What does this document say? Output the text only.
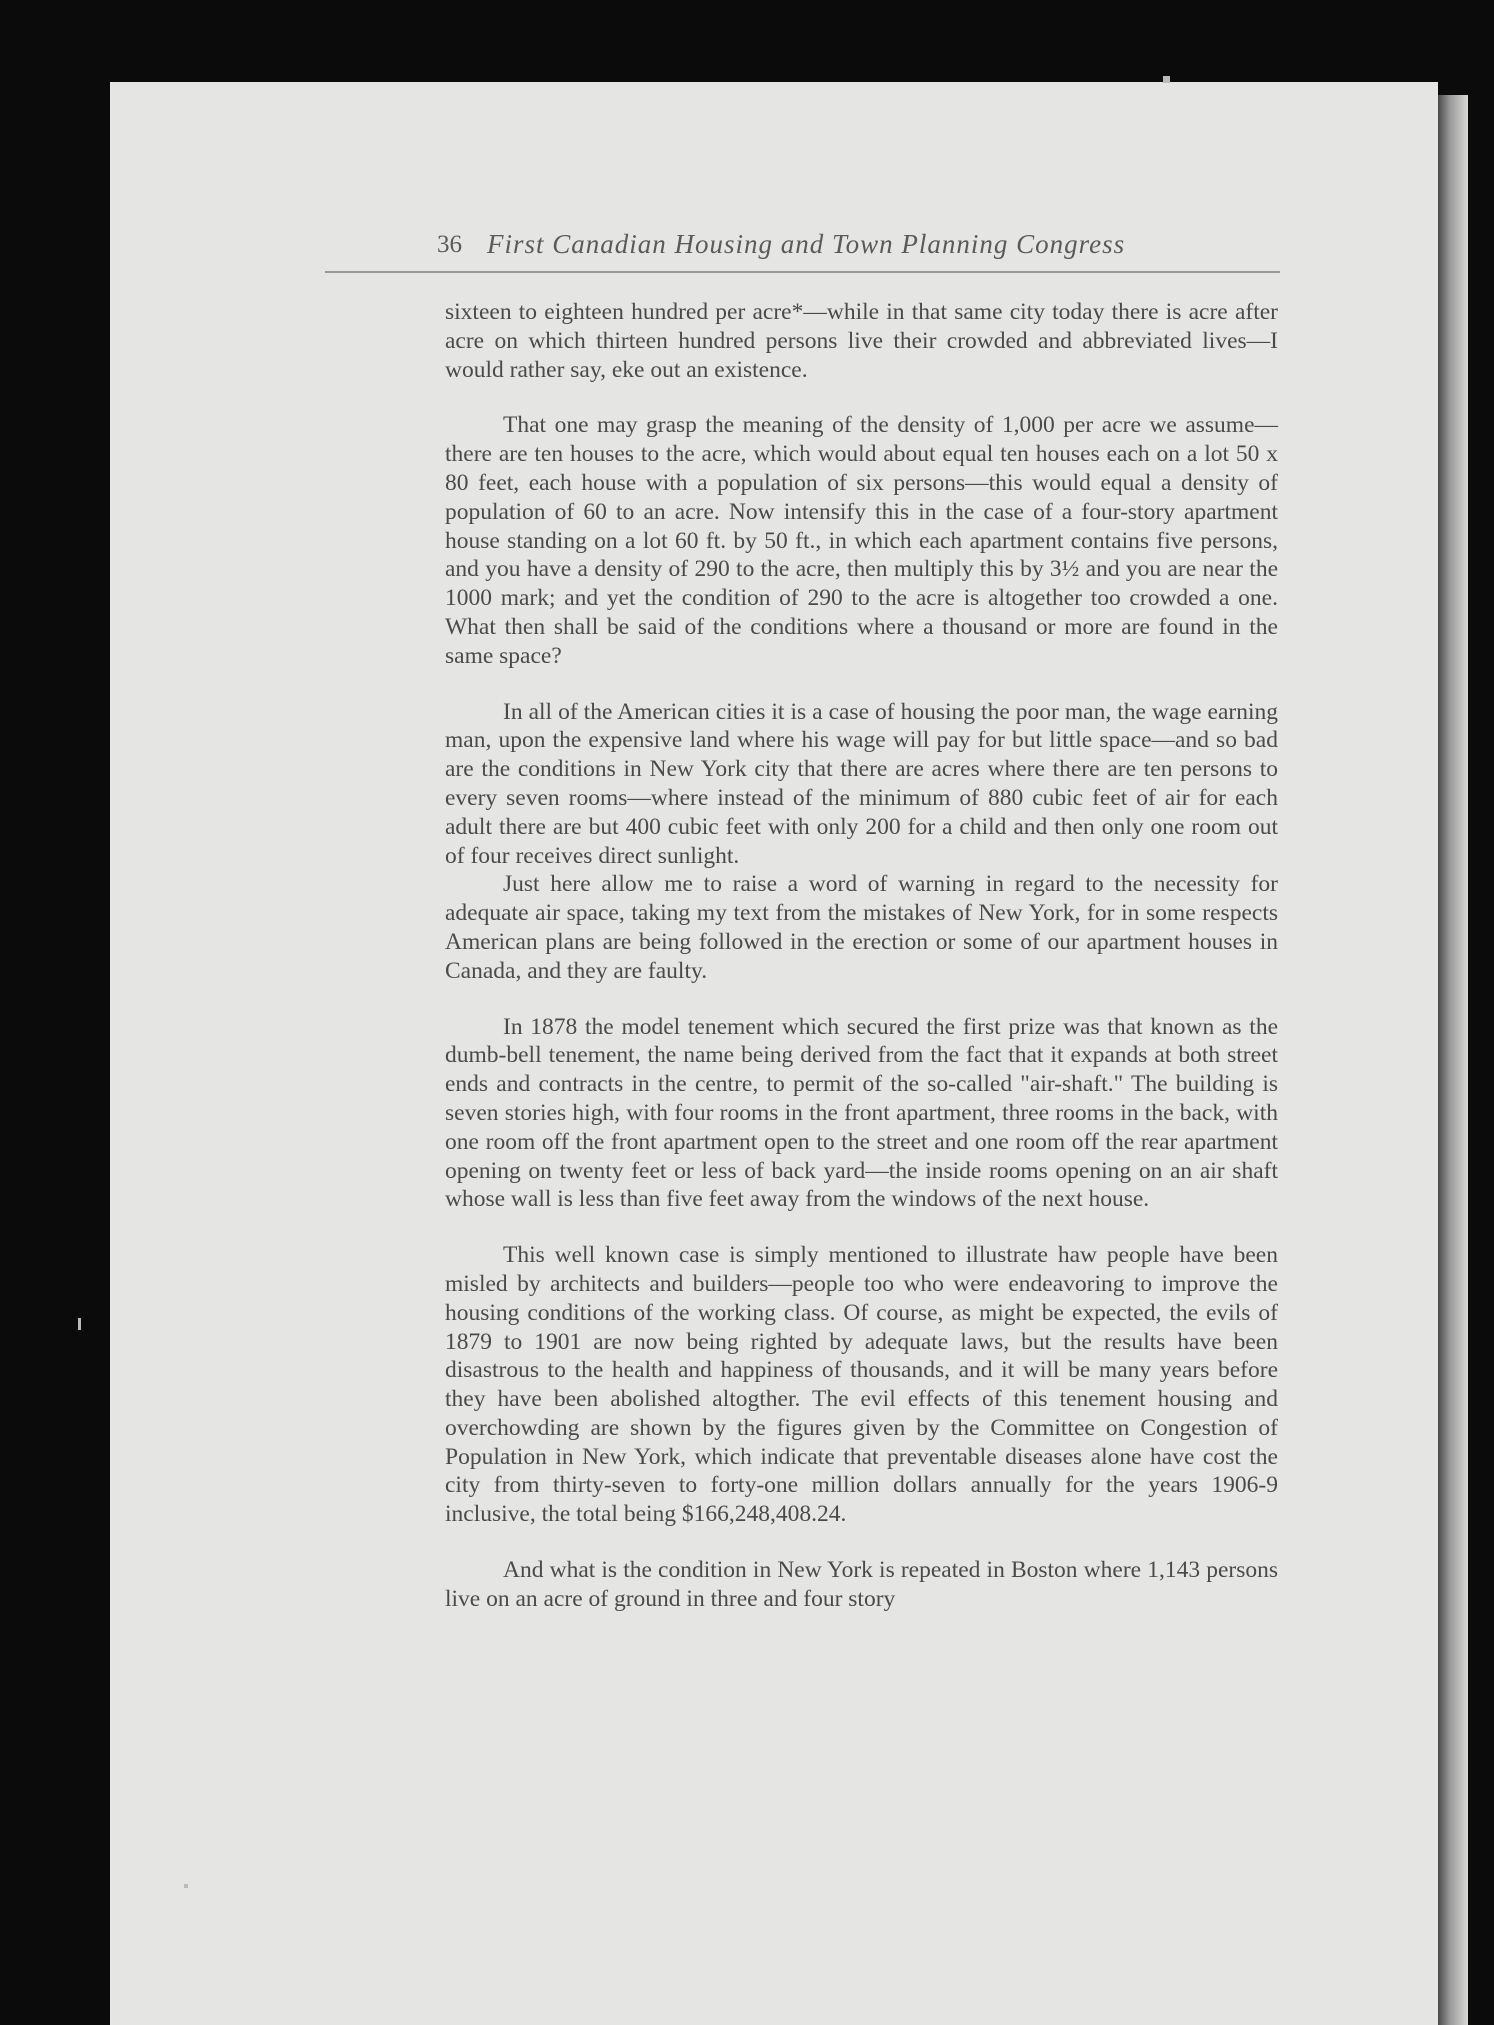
36 First Canadian Housing and Town Planning Congress

sixteen to eighteen hundred per acre*—while in that same city today there is acre after acre on which thirteen hundred persons live their crowded and abbreviated lives—I would rather say, eke out an existence.

That one may grasp the meaning of the density of 1,000 per acre we assume—there are ten houses to the acre, which would about equal ten houses each on a lot 50 x 80 feet, each house with a population of six persons—this would equal a density of population of 60 to an acre. Now intensify this in the case of a four-story apartment house standing on a lot 60 ft. by 50 ft., in which each apartment contains five persons, and you have a density of 290 to the acre, then multiply this by 3½ and you are near the 1000 mark; and yet the condition of 290 to the acre is altogether too crowded a one. What then shall be said of the conditions where a thousand or more are found in the same space?

In all of the American cities it is a case of housing the poor man, the wage earning man, upon the expensive land where his wage will pay for but little space—and so bad are the conditions in New York city that there are acres where there are ten persons to every seven rooms—where instead of the minimum of 880 cubic feet of air for each adult there are but 400 cubic feet with only 200 for a child and then only one room out of four receives direct sunlight.

Just here allow me to raise a word of warning in regard to the necessity for adequate air space, taking my text from the mistakes of New York, for in some respects American plans are being followed in the erection or some of our apartment houses in Canada, and they are faulty.

In 1878 the model tenement which secured the first prize was that known as the dumb-bell tenement, the name being derived from the fact that it expands at both street ends and contracts in the centre, to permit of the so-called "air-shaft." The building is seven stories high, with four rooms in the front apartment, three rooms in the back, with one room off the front apartment open to the street and one room off the rear apartment opening on twenty feet or less of back yard—the inside rooms opening on an air shaft whose wall is less than five feet away from the windows of the next house.

This well known case is simply mentioned to illustrate haw people have been misled by architects and builders—people too who were endeavoring to improve the housing conditions of the working class. Of course, as might be expected, the evils of 1879 to 1901 are now being righted by adequate laws, but the results have been disastrous to the health and happiness of thousands, and it will be many years before they have been abolished altogther. The evil effects of this tenement housing and overchowding are shown by the figures given by the Committee on Congestion of Population in New York, which indicate that preventable diseases alone have cost the city from thirty-seven to forty-one million dollars annually for the years 1906-9 inclusive, the total being $166,248,408.24.

And what is the condition in New York is repeated in Boston where 1,143 persons live on an acre of ground in three and four story
